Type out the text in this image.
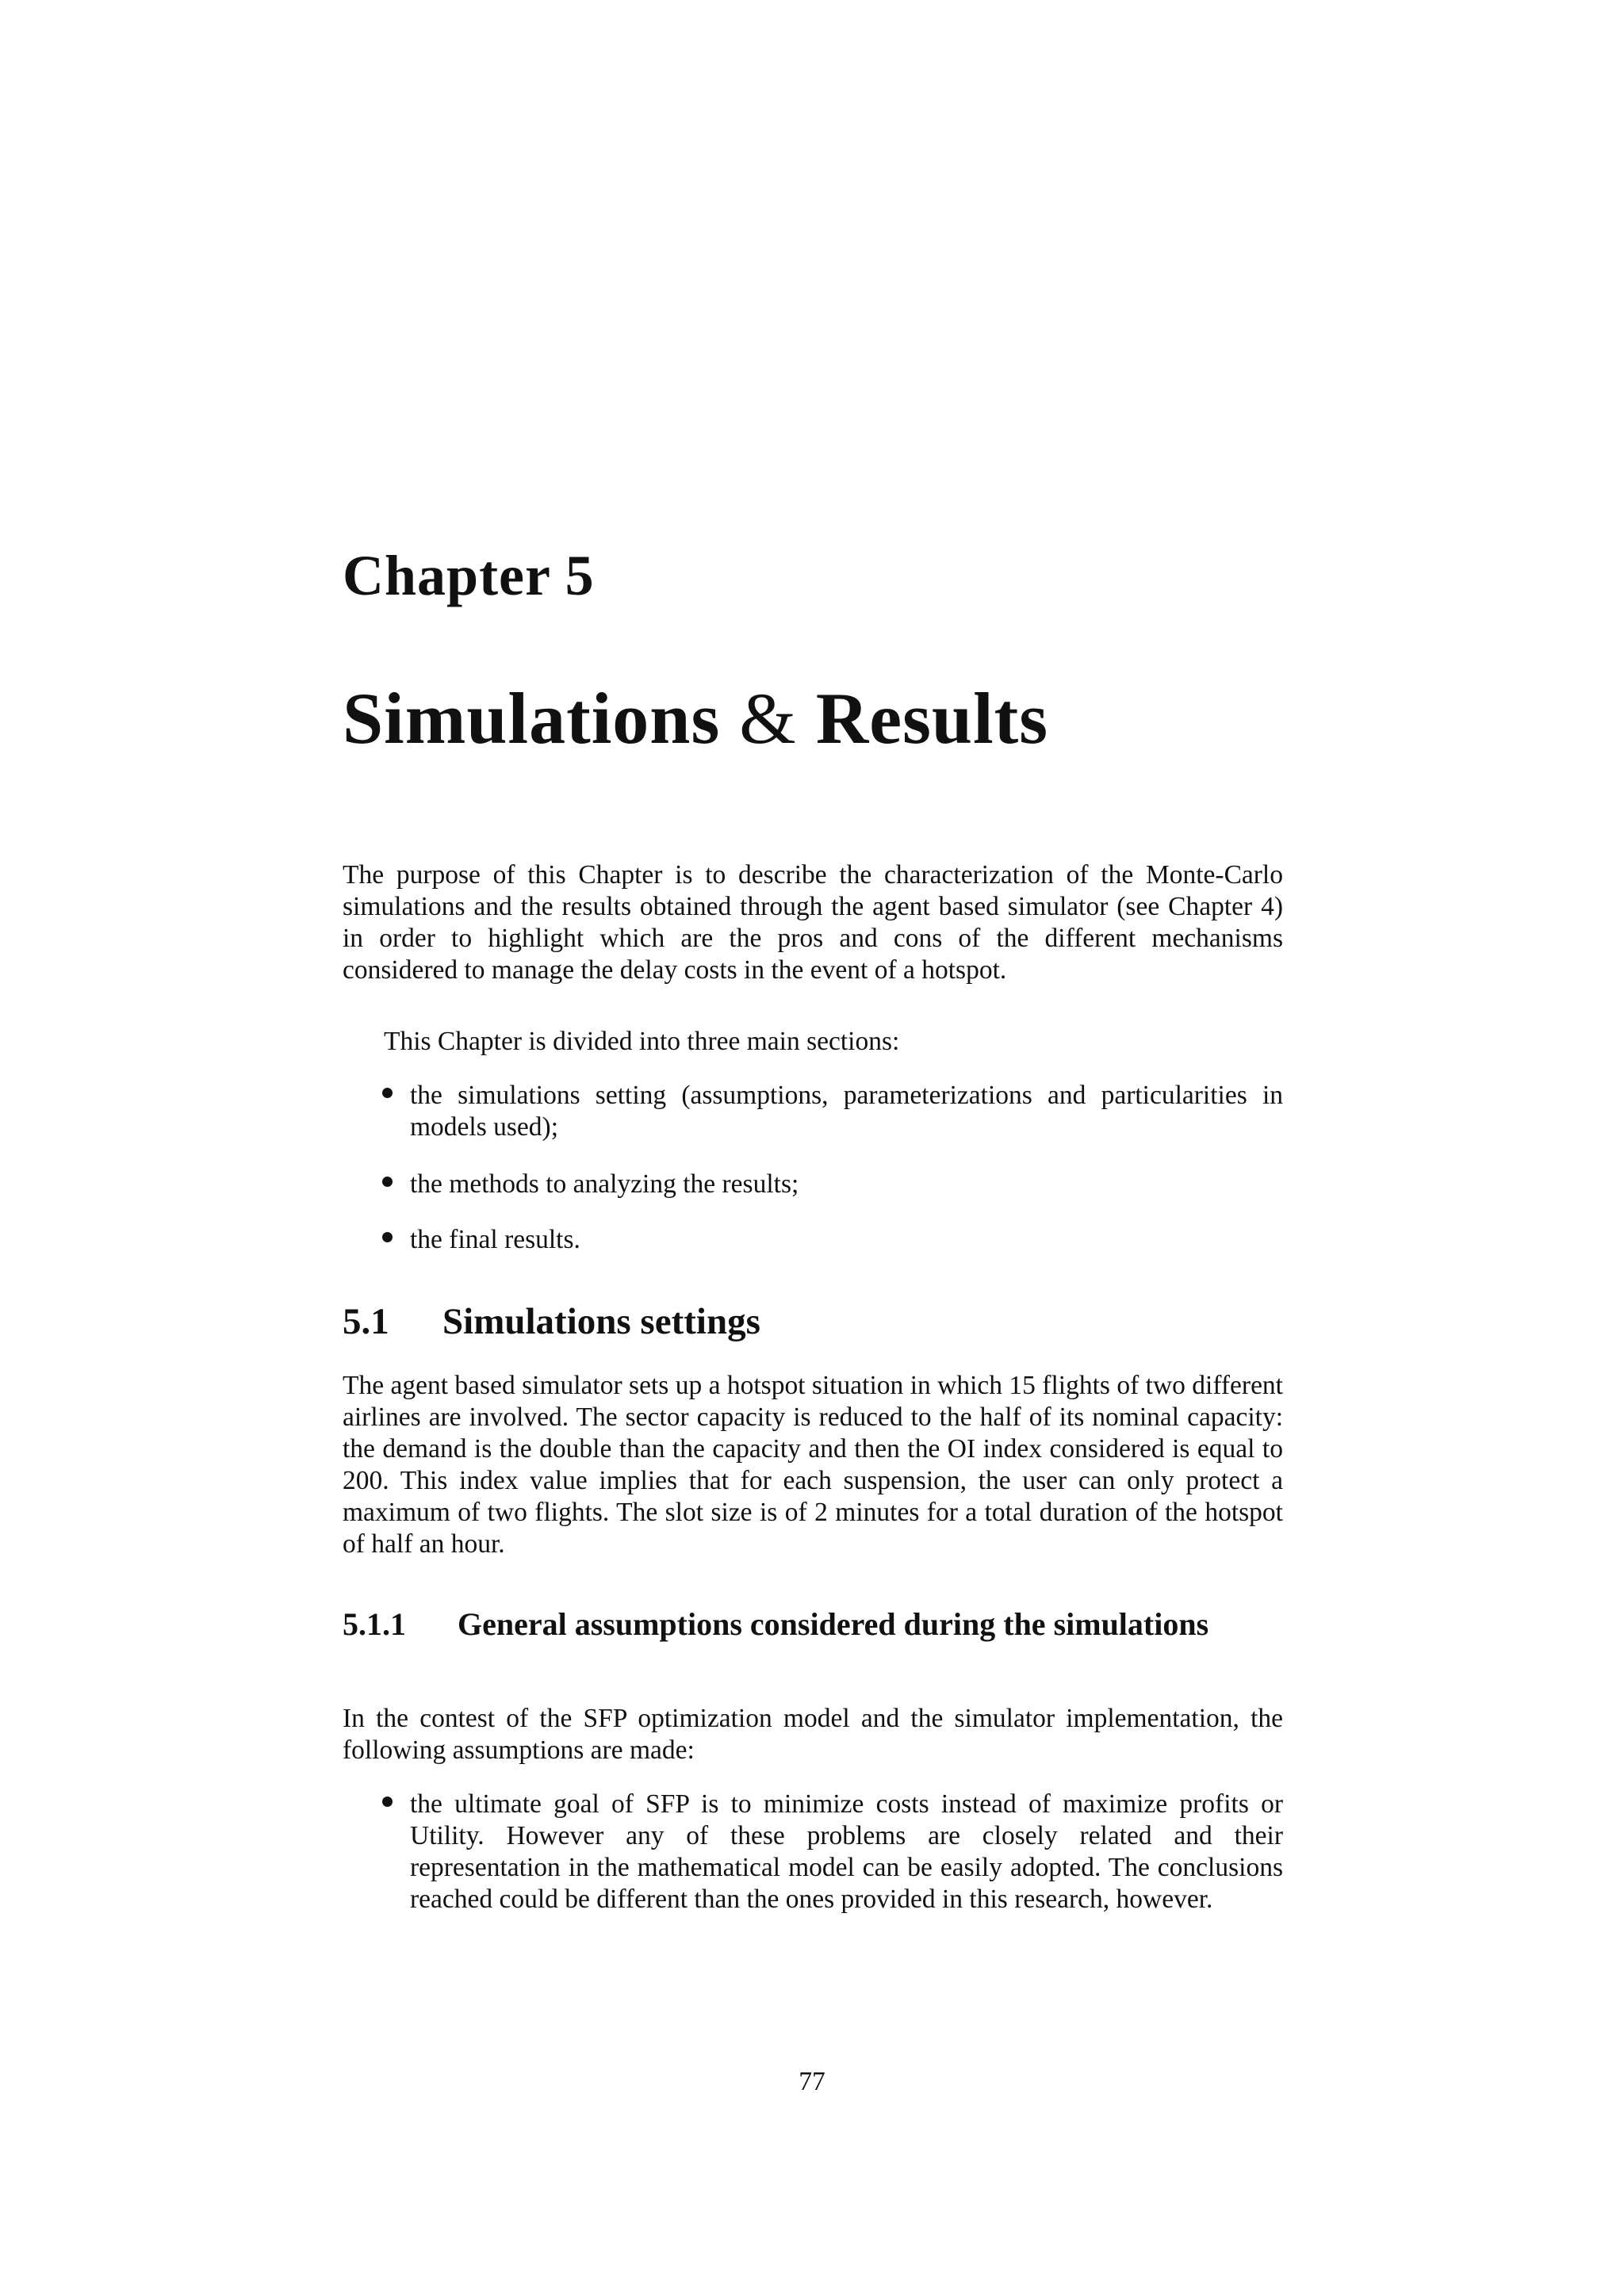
Chapter 5
Simulations & Results

The purpose of this Chapter is to describe the characterization of the Monte-Carlo simulations and the results obtained through the agent based simulator (see Chapter 4) in order to highlight which are the pros and cons of the different mechanisms considered to manage the delay costs in the event of a hotspot.

This Chapter is divided into three main sections:

the simulations setting (assumptions, parameterizations and particularities in models used);
the methods to analyzing the results;
the final results.
5.1 Simulations settings

The agent based simulator sets up a hotspot situation in which 15 flights of two different airlines are involved. The sector capacity is reduced to the half of its nominal capacity: the demand is the double than the capacity and then the OI index considered is equal to 200. This index value implies that for each suspension, the user can only protect a maximum of two flights. The slot size is of 2 minutes for a total duration of the hotspot of half an hour.

5.1.1 General assumptions considered during the simulations

In the contest of the SFP optimization model and the simulator implementation, the following assumptions are made:

the ultimate goal of SFP is to minimize costs instead of maximize profits or Utility. However any of these problems are closely related and their representation in the mathematical model can be easily adopted. The conclusions reached could be different than the ones provided in this research, however.

77
